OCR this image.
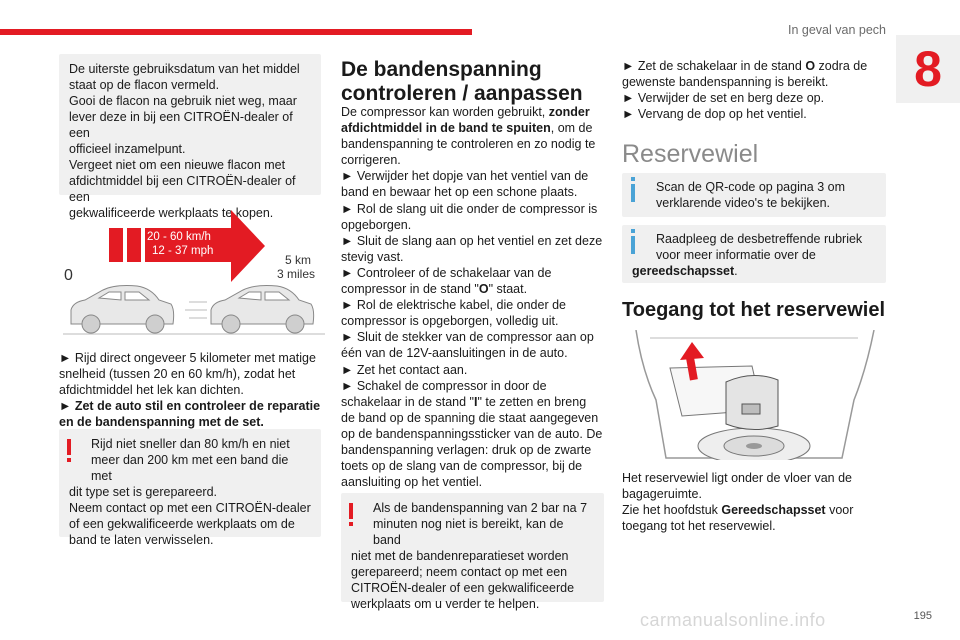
In geval van pech
8
De uiterste gebruiksdatum van het middel
staat op de flacon vermeld.
Gooi de flacon na gebruik niet weg, maar
lever deze in bij een CITROËN-dealer of een
officieel inzamelpunt.
Vergeet niet om een nieuwe flacon met
afdichtmiddel bij een CITROËN-dealer of een
gekwalificeerde werkplaats te kopen.
20 - 60 km/h
12 - 37 mph
0
5 km
3 miles
► Rijd direct ongeveer 5 kilometer met matige
snelheid (tussen 20 en 60 km/h), zodat het
afdichtmiddel het lek kan dichten.
► Zet de auto stil en controleer de reparatie
en de bandenspanning met de set.
Rijd niet sneller dan 80 km/h en niet
meer dan 200 km met een band die met
dit type set is gerepareerd.
Neem contact op met een CITROËN-dealer
of een gekwalificeerde werkplaats om de
band te laten verwisselen.
De bandenspanning
controleren / aanpassen
De compressor kan worden gebruikt, zonder
afdichtmiddel in de band te spuiten, om de
bandenspanning te controleren en zo nodig te
corrigeren.
► Verwijder het dopje van het ventiel van de
band en bewaar het op een schone plaats.
► Rol de slang uit die onder de compressor is
opgeborgen.
► Sluit de slang aan op het ventiel en zet deze
stevig vast.
► Controleer of de schakelaar van de
compressor in de stand "O" staat.
► Rol de elektrische kabel, die onder de
compressor is opgeborgen, volledig uit.
► Sluit de stekker van de compressor aan op
één van de 12V-aansluitingen in de auto.
► Zet het contact aan.
► Schakel de compressor in door de
schakelaar in de stand "I" te zetten en breng
de band op de spanning die staat aangegeven
op de bandenspanningssticker van de auto. De
bandenspanning verlagen: druk op de zwarte
toets op de slang van de compressor, bij de
aansluiting op het ventiel.
Als de bandenspanning van 2 bar na 7
minuten nog niet is bereikt, kan de band
niet met de bandenreparatieset worden
gerepareerd; neem contact op met een
CITROËN-dealer of een gekwalificeerde
werkplaats om u verder te helpen.
► Zet de schakelaar in de stand O zodra de
gewenste bandenspanning is bereikt.
► Verwijder de set en berg deze op.
► Vervang de dop op het ventiel.
Reservewiel
Scan de QR-code op pagina 3 om
verklarende video's te bekijken.
Raadpleeg de desbetreffende rubriek
voor meer informatie over de
gereedschapsset.
Toegang tot het reservewiel
Het reservewiel ligt onder de vloer van de
bagageruimte.
Zie het hoofdstuk Gereedschapsset voor
toegang tot het reservewiel.
carmanualsonline.info	195
